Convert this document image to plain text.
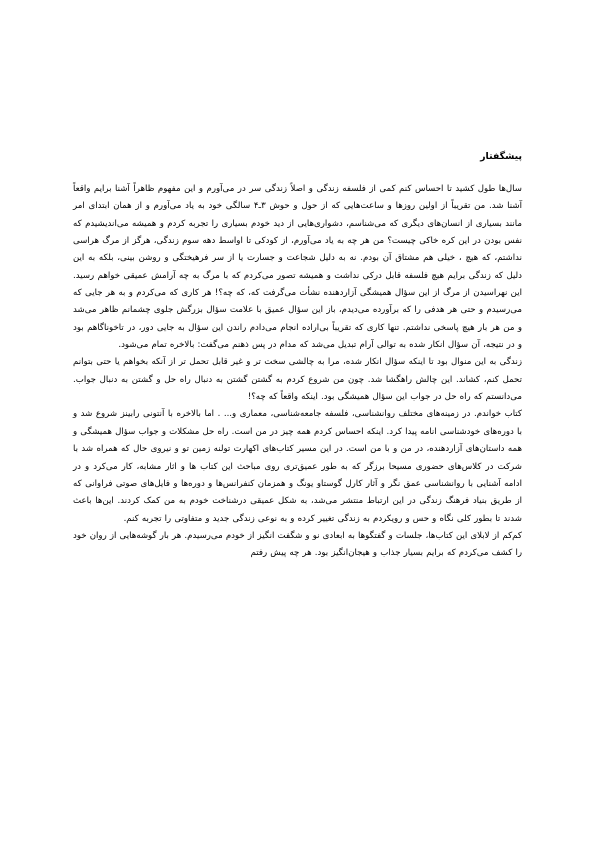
پیشگفتار

سال‌ها طول کشید تا احساس کنم کمی از فلسفه زندگی و اصلاً زندگی سر در می‌آورم و این مفهوم ظاهراً آشنا برایم واقعاً آشنا شد. من تقریباً از اولین روزها و ساعت‌هایی که از حول و حوش ۳ـ۴ سالگی خود به یاد می‌آورم و از همان ابتدای امر مانند بسیاری از انسان‌های دیگری که می‌شناسم، دشواری‌هایی از دید خودم بسیاری را تجربه کردم و همیشه می‌اندیشیدم که نفس بودن در این کره خاکی چیست؟ من هر چه به یاد می‌آورم، از کودکی تا اواسط دهه سوم زندگی، هرگز از مرگ هراسی نداشتم، که هیچ ، خیلی هم مشتاق آن بودم. نه به دلیل شجاعت و جسارت یا از سر فرهیختگی و روشن بینی، بلکه به این دلیل که زندگی برایم هیچ فلسفه قابل درکی نداشت و همیشه تصور می‌کردم که با مرگ به چه آرامش عمیقی خواهم رسید. این نهراسیدن از مرگ از این سؤال همیشگی آزاردهنده نشأت می‌گرفت که، که چه؟! هر کاری که می‌کردم و به هر جایی که می‌رسیدم و حتی هر هدفی را که برآورده می‌دیدم، باز این سؤال عمیق با علامت سؤال بزرگش جلوی چشمانم ظاهر می‌شد و من هر بار هیچ پاسخی نداشتم. تنها کاری که تقریباً بی‌اراده انجام می‌دادم راندن این سؤال به جایی دور، در تاخوناگاهم بود و در نتیجه، آن سؤال انکار شده به توالی آرام تبدیل می‌شد که مدام در پس ذهنم می‌گفت: بالاخره تمام می‌شود.

زندگی به این منوال بود تا اینکه سؤال انکار شده، مرا به چالشی سخت تر و غیر قابل تحمل تر از آنکه بخواهم یا حتی بتوانم تحمل کنم، کشاند. این چالش راهگشا شد. چون من شروع کردم به گشتن گشتن به دنبال راه حل و گشتن به دنبال جواب. می‌دانستم که راه حل در جواب این سؤال همیشگی بود. اینکه واقعاً که چه؟!

کتاب خواندم. در زمینه‌های مختلف روانشناسی، فلسفه جامعه‌شناسی، معماری و... . اما بالاخره با آنتونی رابینز شروع شد و با دوره‌های خودشناسی انامه پیدا کرد. اینکه احساس کردم همه چیز در من است. راه حل مشکلات و جواب سؤال همیشگی و همه داستان‌های آزاردهنده، در من و با من است. در این مسیر کتاب‌های اکهارت تولنه زمین تو و نیروی حال که همراه شد با شرکت در کلاس‌های حضوری مسیحا برزگر که به طور عمیق‌تری روی مباحث این کتاب ها و اثار مشابه، کار می‌کرد و در ادامه آشنایی با روانشناسی عمق نگر و آثار کارل گوستاو یونگ و همزمان کنفرانس‌ها و دوره‌ها و فایل‌های صوتی فراوانی که از طریق بنیاد فرهنگ زندگی در این ارتباط منتشر می‌شد، به شکل عمیقی درشناخت خودم به من کمک کردند. این‌ها باعث شدند تا بطور کلی نگاه و حس و رویکردم به زندگی تغییر کرده و به نوعی زندگی جدید و متفاوتی را تجربه کنم.

کم‌کم از لابلای این کتاب‌ها، جلسات و گفتگوها به ابعادی نو و شگفت انگیز از خودم می‌رسیدم. هر بار گوشه‌هایی از روان خود را کشف می‌کردم که برایم بسیار جذاب و هیجان‌انگیز بود. هر چه پیش رفتم
